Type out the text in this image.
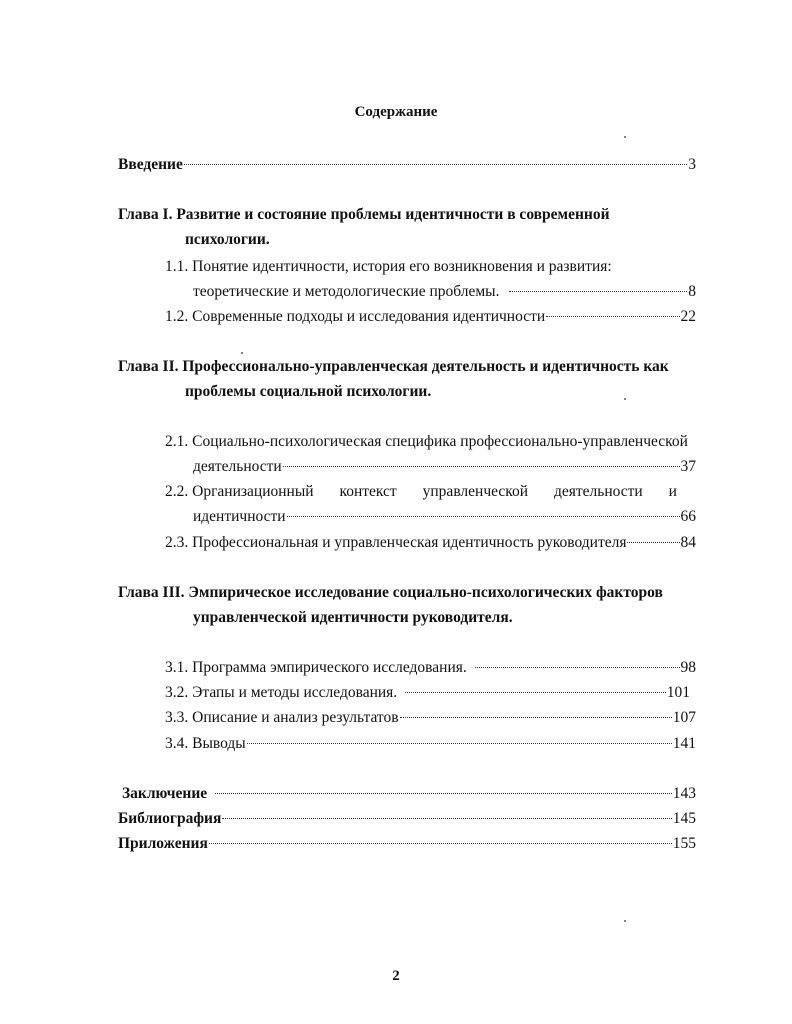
Содержание
Введение	3
Глава I. Развитие и состояние проблемы идентичности в современной
психологии.
1.1. Понятие идентичности, история его возникновения и развития:
теоретические и методологические проблемы.	8
1.2. Современные подходы и исследования идентичности	22
Глава II. Профессионально-управленческая деятельность и идентичность как
проблемы социальной психологии.
2.1. Социально-психологическая специфика профессионально-управленческой
деятельности	37
2.2. Организационный контекст управленческой деятельности и
идентичности	66
2.3. Профессиональная и управленческая идентичность руководителя	84
Глава III. Эмпирическое исследование социально-психологических факторов
управленческой идентичности руководителя.
3.1. Программа эмпирического исследования.	98
3.2. Этапы и методы исследования.	101
3.3. Описание и анализ результатов	107
3.4. Выводы	141
Заключение	143
Библиография	145
Приложения	155
2
